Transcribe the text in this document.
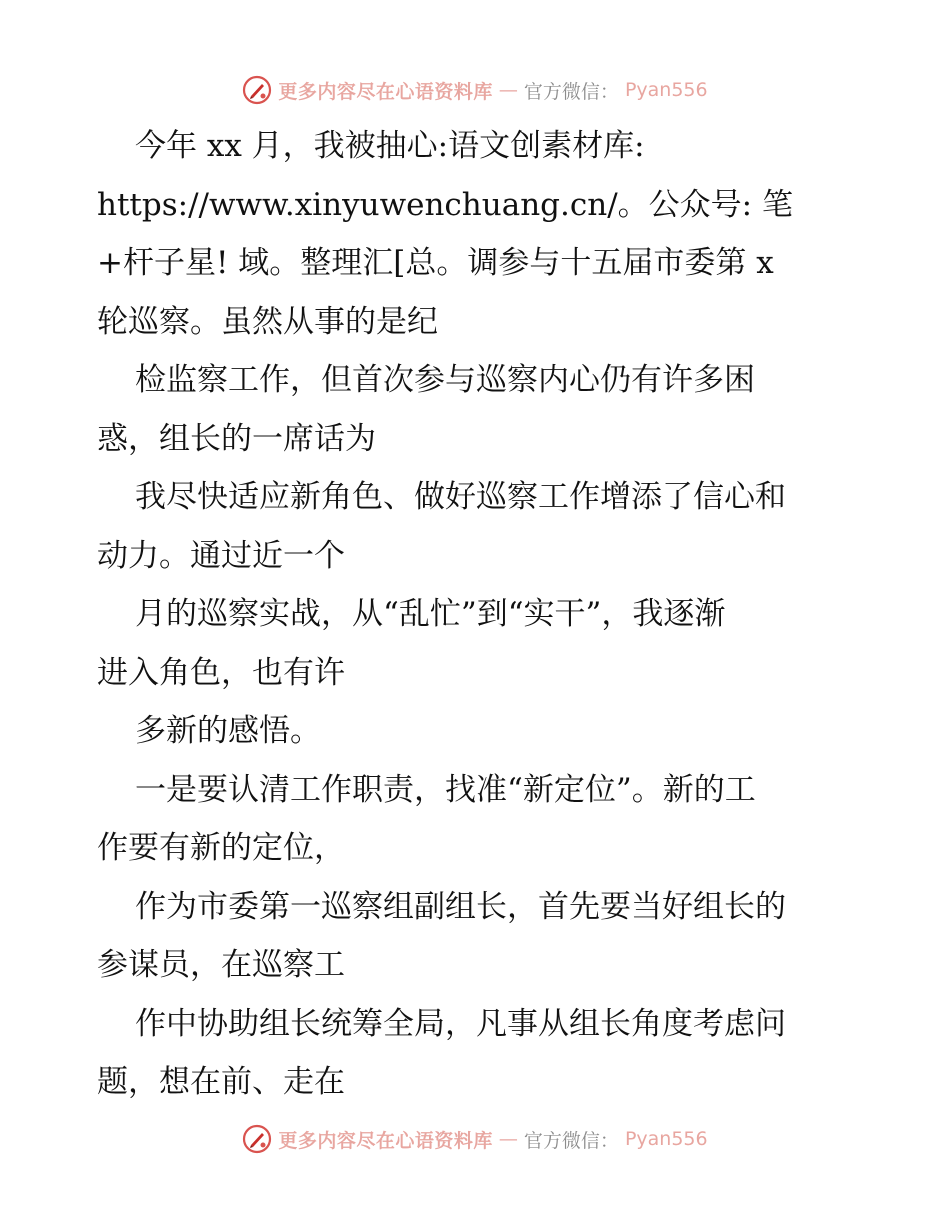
更多内容尽在心语资料库 — 官方微信： Pyan556

今年 xx 月，我被抽心:语文创素材库:

https://www.xinyuwenchuang.cn/。公众号: 笔

+杆子星! 域。整理汇[总。调参与十五届市委第 x

轮巡察。虽然从事的是纪

检监察工作，但首次参与巡察内心仍有许多困

惑，组长的一席话为

我尽快适应新角色、做好巡察工作增添了信心和

动力。通过近一个

月的巡察实战，从“乱忙”到“实干”，我逐渐

进入角色，也有许

多新的感悟。

一是要认清工作职责，找准“新定位”。新的工

作要有新的定位，

作为市委第一巡察组副组长，首先要当好组长的

参谋员，在巡察工

作中协助组长统筹全局，凡事从组长角度考虑问

题，想在前、走在

更多内容尽在心语资料库 — 官方微信： Pyan556
